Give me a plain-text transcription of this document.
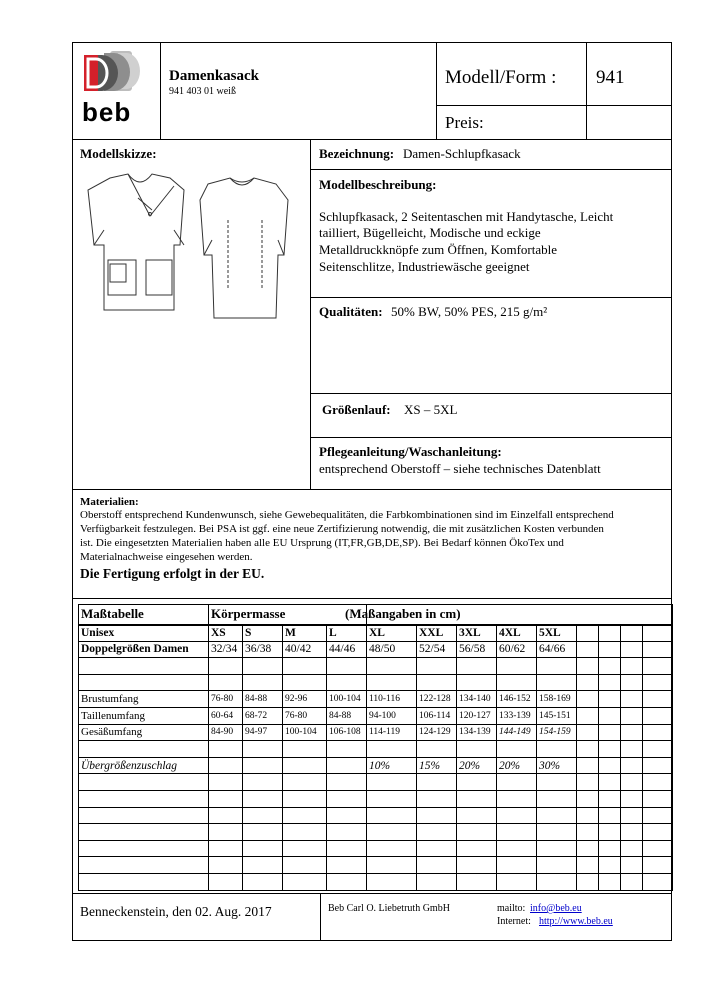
beb
Damenkasack
941 403 01 weiß
Modell/Form : 941
Preis:
Modellskizze:	Bezeichnung: Damen-Schlupfkasack
Modellbeschreibung:
Schlupfkasack, 2 Seitentaschen mit Handytasche, Leicht
tailliert, Bügelleicht, Modische und eckige
Metalldruckknöpfe zum Öffnen, Komfortable
Seitenschlitze, Industriewäsche geeignet
Qualitäten: 50% BW, 50% PES, 215 g/m²
Größenlauf: XS – 5XL
Pflegeanleitung/Waschanleitung:
entsprechend Oberstoff – siehe technisches Datenblatt
Materialien:
Oberstoff entsprechend Kundenwunsch, siehe Gewebequalitäten, die Farbkombinationen sind im Einzelfall entsprechend
Verfügbarkeit festzulegen. Bei PSA ist ggf. eine neue Zertifizierung notwendig, die mit zusätzlichen Kosten verbunden
ist. Die eingesetzten Materialien haben alle EU Ursprung (IT,FR,GB,DE,SP). Bei Bedarf können ÖkoTex und
Materialnachweise eingesehen werden.
Die Fertigung erfolgt in der EU.
Maßtabelle	Körpermasse				(Maßangaben in cm)								
Unisex	XS	S	M	L	XL	XXL	3XL	4XL	5XL				
Doppelgrößen Damen	32/34	36/38	40/42	44/46	48/50	52/54	56/58	60/62	64/66				

Brustumfang	76-80	84-88	92-96	100-104	110-116	122-128	134-140	146-152	158-169				
Taillenumfang	60-64	68-72	76-80	84-88	94-100	106-114	120-127	133-139	145-151				
Gesäßumfang	84-90	94-97	100-104	106-108	114-119	124-129	134-139	144-149	154-159				

Übergrößenzuschlag					10%	15%	20%	20%	30%				

Benneckenstein, den 02. Aug. 2017	Beb Carl O. Liebetruth GmbH	mailto: info@beb.eu
Internet: http://www.beb.eu
